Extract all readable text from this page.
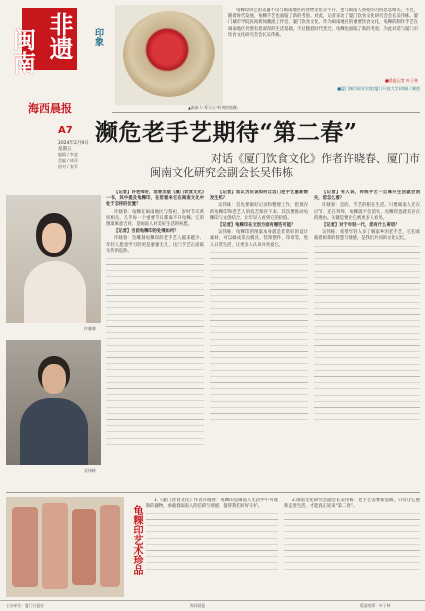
闽南 非遗	印象
海西晨报
A7
2024年2月9日
星期五
编辑 / 李凌
美编 / 林萍
校对 / 张军

龟粿印饼艺的美器不仅与闽南地区的食物文化分不开，也与闽南人祭祀的习俗息息相关。不过，随着时代发展，龟粿手艺也面临了新的考验。对此，记者采访了厦门饮食文化研究会会长吴伟栋。厦门城市学院民间新闻潮流工作室、厦门饮食文化、作为闽南地区的重要饮食文化，龟粿的制作手艺在闽南地区仍然有着深厚的生活基础。不过随着时代变迁，龟粿也面临了新的考验，为此对话与厦门市饮食文化研究会会长吴伟栋。

■晨报记者 叶子林
■厦门城市职业学院(厦门开放大学)供稿 / 制图
▲闽南人“拜天公”时用的龟粿。
濒危老手艺期待“第二春”
对话《厦门饮食文化》作者许晓春、厦门市
闽南文化研究会副会长吴伟栋
许晓春
吴伟栋

【记者】许老师好，您曾出版《厦门饮食文化》一书，其中提及龟粿印，在您看来它在闽南文化中处于怎样的位置？

许晓春：龟粿在闽南地区与祭祀、岁时节庆密切相关，几乎每一个重要节日都离不开龟粿。它的图案寓意吉祥，是闽南人对美好生活的祝愿。

【记者】当前龟粿印的处境如何？

许晓春：会雕刻龟粿印的老手艺人越来越少，年轻人愿意学习的更是寥寥无几，这门手艺正面临失传的危险。

【记者】您认为应该如何让这门老手艺重新焕发生机？

吴伟栋：首先要做好记录和整理工作，把现存的龟粿印和老艺人的技艺保存下来；其次要推动龟粿印与文创结合，让年轻人看到它的价值。

【记者】龟粿印在文创方面有哪些可能？

吴伟栋：龟粿印的图案本身就是非常好的设计素材，可以做成茶点模具、装饰摆件、印章等，进入日常生活，让更多人认识并喜爱它。

【记者】有人说，传统手艺一旦离开生活就会消失，您怎么看？

许晓春：是的，手艺的根在生活。只要闽南人还在过节、还在拜拜，龟粿就不会消失，龟粿印也就有存在的理由。关键是要让它被更多人看见。

【记者】对于年轻一代，您有什么寄语？

吴伟栋：希望年轻人多了解家乡的老手艺，它们承载着祖辈的智慧与情感，是我们共同的文化记忆。

龟粿印艺术珍品

1.《厦门饮食文化》作者许晓春：龟粿印是闽南人生活中不可或缺的器物，承载着闽南人的信仰与情感，值得我们好好守护。

2.闽南文化研究会副会长吴伟栋：老手艺需要新思路，只有让它重新走进生活，才能真正迎来“第二春”。

主办单位：厦门日报社	海西晨报	版面统筹：叶子林
